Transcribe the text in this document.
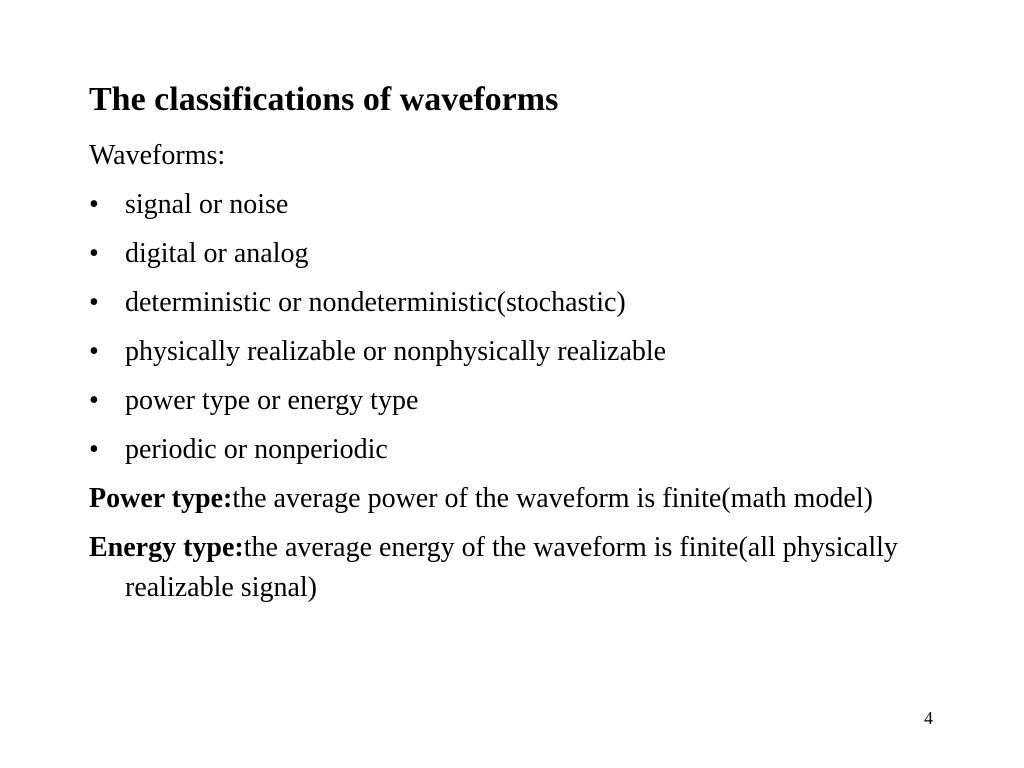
The classifications of waveforms
Waveforms:
• signal or noise
• digital or analog
• deterministic or nondeterministic(stochastic)
• physically realizable or nonphysically realizable
• power type or energy type
• periodic or nonperiodic

Power type:the average power of the waveform is finite(math model)

Energy type:the average energy of the waveform is finite(all physically realizable signal)

4
